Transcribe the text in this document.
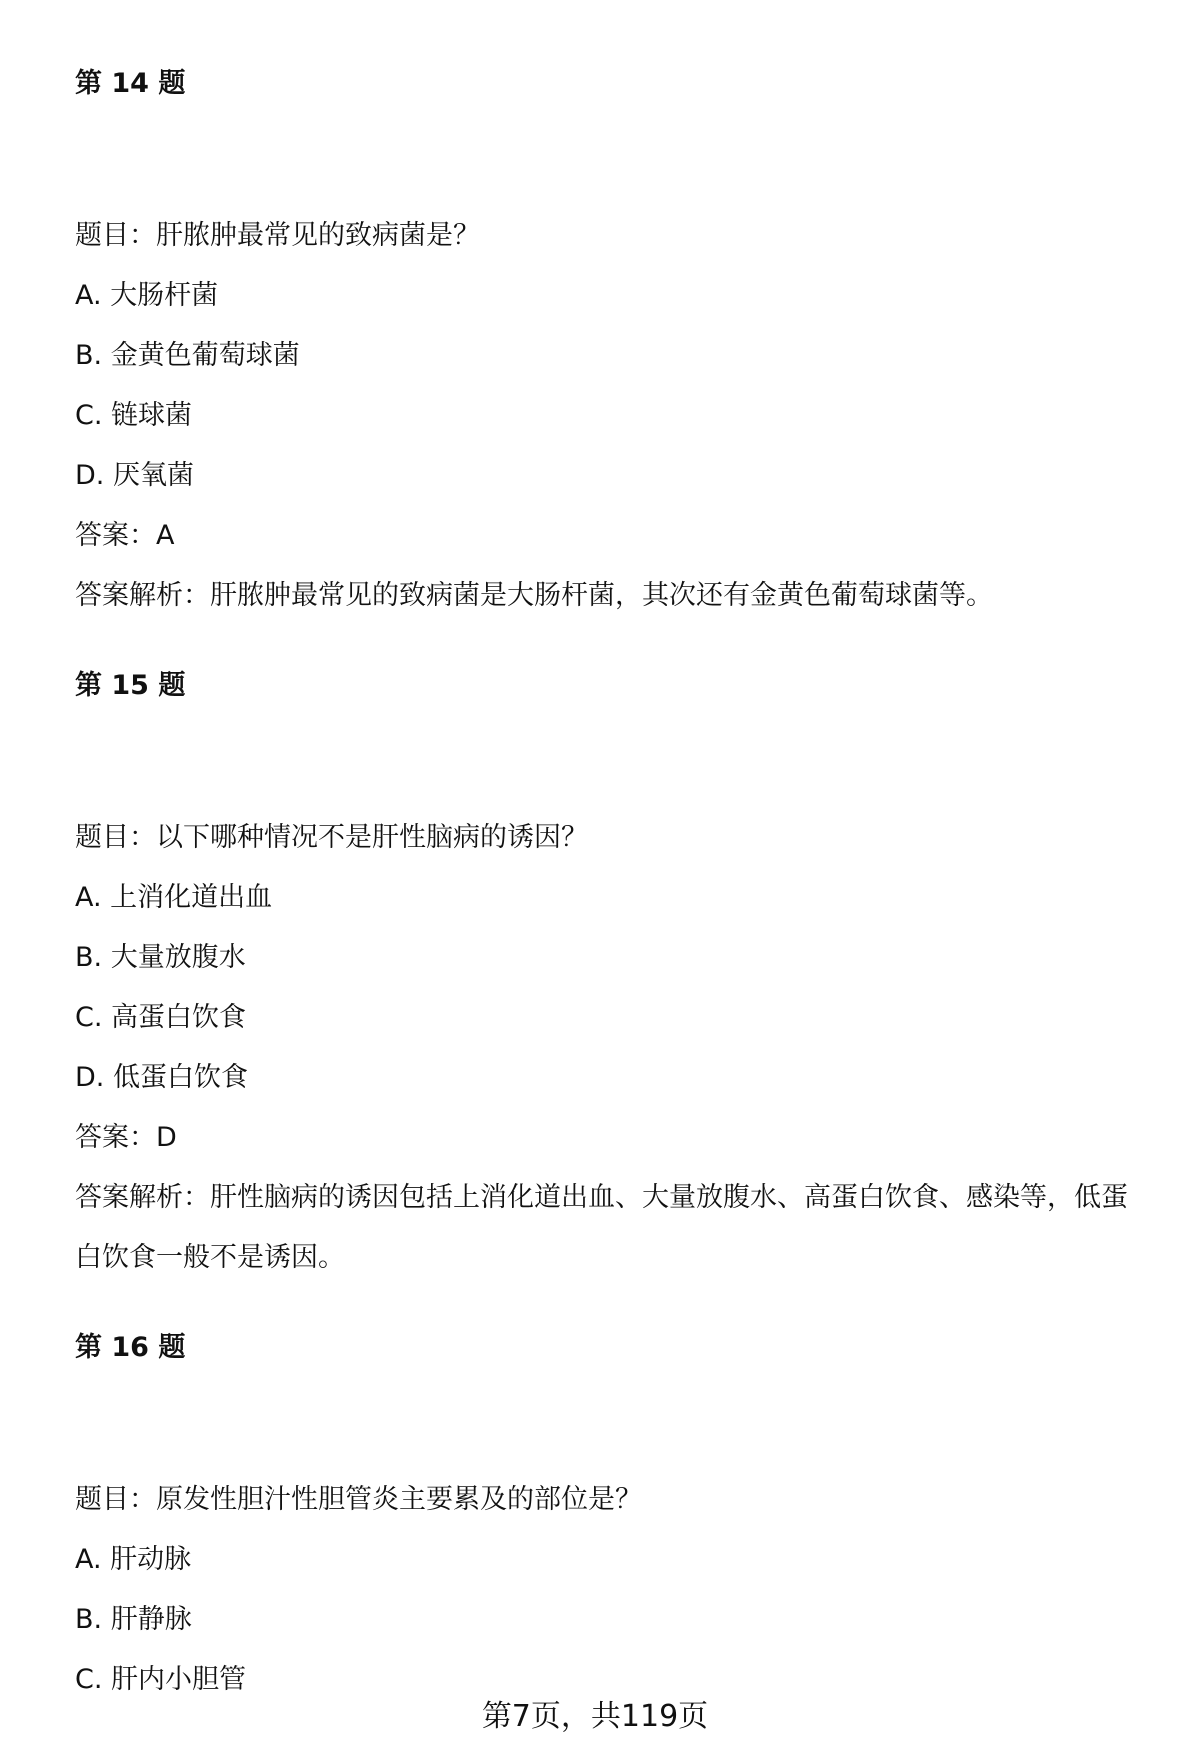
第 14 题
题目：肝脓肿最常见的致病菌是？
A. 大肠杆菌
B. 金黄色葡萄球菌
C. 链球菌
D. 厌氧菌
答案：A
答案解析：肝脓肿最常见的致病菌是大肠杆菌，其次还有金黄色葡萄球菌等。
第 15 题
题目：以下哪种情况不是肝性脑病的诱因？
A. 上消化道出血
B. 大量放腹水
C. 高蛋白饮食
D. 低蛋白饮食
答案：D
答案解析：肝性脑病的诱因包括上消化道出血、大量放腹水、高蛋白饮食、感染等，低蛋白饮食一般不是诱因。
第 16 题
题目：原发性胆汁性胆管炎主要累及的部位是？
A. 肝动脉
B. 肝静脉
C. 肝内小胆管
第7页，共119页
